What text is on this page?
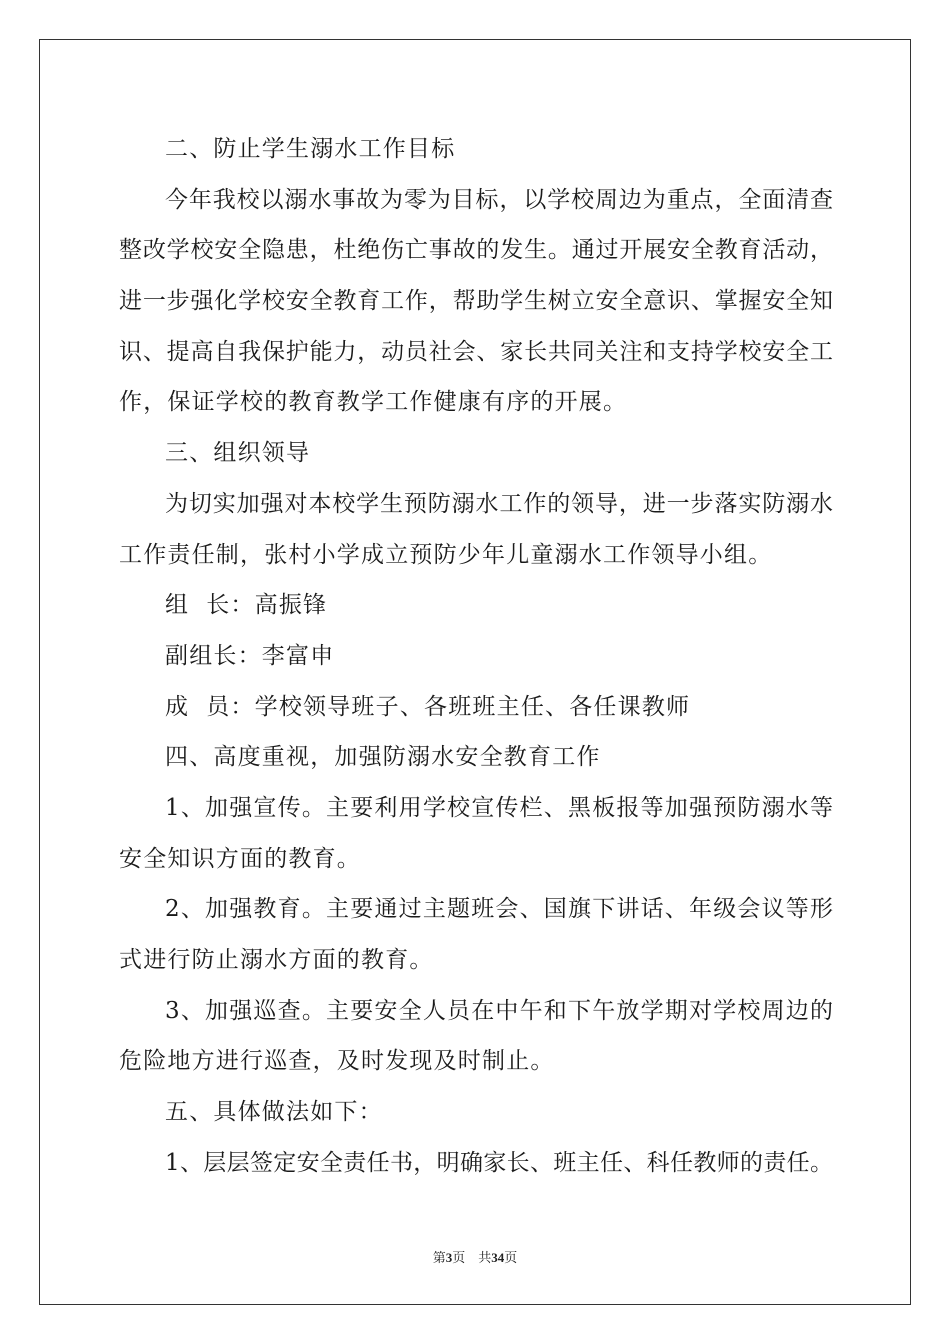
二、防止学生溺水工作目标
今年我校以溺水事故为零为目标，以学校周边为重点，全面清查
整改学校安全隐患，杜绝伤亡事故的发生。通过开展安全教育活动，
进一步强化学校安全教育工作，帮助学生树立安全意识、掌握安全知
识、提高自我保护能力，动员社会、家长共同关注和支持学校安全工
作，保证学校的教育教学工作健康有序的开展。
三、组织领导
为切实加强对本校学生预防溺水工作的领导，进一步落实防溺水
工作责任制，张村小学成立预防少年儿童溺水工作领导小组。
组  长：高振锋
副组长：李富申
成  员：学校领导班子、各班班主任、各任课教师
四、高度重视，加强防溺水安全教育工作
1、加强宣传。主要利用学校宣传栏、黑板报等加强预防溺水等
安全知识方面的教育。
2、加强教育。主要通过主题班会、国旗下讲话、年级会议等形
式进行防止溺水方面的教育。
3、加强巡查。主要安全人员在中午和下午放学期对学校周边的
危险地方进行巡查，及时发现及时制止。
五、具体做法如下：
1、层层签定安全责任书，明确家长、班主任、科任教师的责任。
第3页 共34页
